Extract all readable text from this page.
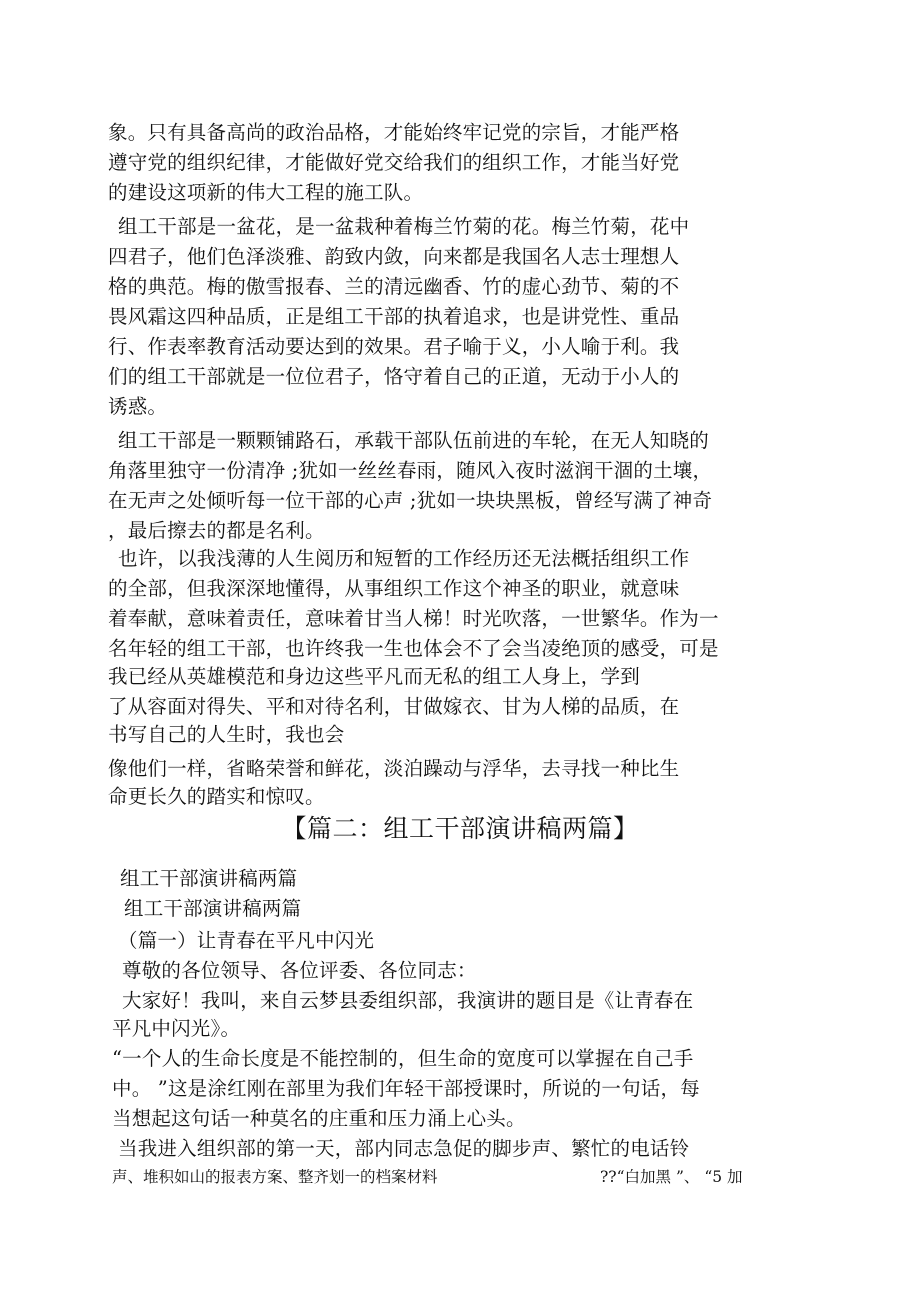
象。只有具备高尚的政治品格，才能始终牢记党的宗旨，才能严格
遵守党的组织纪律，才能做好党交给我们的组织工作，才能当好党
的建设这项新的伟大工程的施工队。
组工干部是一盆花，是一盆栽种着梅兰竹菊的花。梅兰竹菊，花中
四君子，他们色泽淡雅、韵致内敛，向来都是我国名人志士理想人
格的典范。梅的傲雪报春、兰的清远幽香、竹的虚心劲节、菊的不
畏风霜这四种品质，正是组工干部的执着追求，也是讲党性、重品
行、作表率教育活动要达到的效果。君子喻于义，小人喻于利。我
们的组工干部就是一位位君子，恪守着自己的正道，无动于小人的
诱惑。
组工干部是一颗颗铺路石，承载干部队伍前进的车轮，在无人知晓的
角落里独守一份清净 ;犹如一丝丝春雨，随风入夜时滋润干涸的土壤，
在无声之处倾听每一位干部的心声 ;犹如一块块黑板，曾经写满了神奇
，最后擦去的都是名利。
也许，以我浅薄的人生阅历和短暂的工作经历还无法概括组织工作
的全部，但我深深地懂得，从事组织工作这个神圣的职业，就意味
着奉献，意味着责任，意味着甘当人梯！时光吹落，一世繁华。作为一
名年轻的组工干部，也许终我一生也体会不了会当凌绝顶的感受，可是
我已经从英雄模范和身边这些平凡而无私的组工人身上，学到
了从容面对得失、平和对待名利，甘做嫁衣、甘为人梯的品质，在
书写自己的人生时，我也会
像他们一样，省略荣誉和鲜花，淡泊躁动与浮华，去寻找一种比生
命更长久的踏实和惊叹。
【篇二：组工干部演讲稿两篇】
组工干部演讲稿两篇
组工干部演讲稿两篇
（篇一）让青春在平凡中闪光
尊敬的各位领导、各位评委、各位同志：
大家好！我叫，来自云梦县委组织部，我演讲的题目是《让青春在
平凡中闪光》。
“一个人的生命长度是不能控制的，但生命的宽度可以掌握在自己手
中。 ”这是涂红刚在部里为我们年轻干部授课时，所说的一句话，每
当想起这句话一种莫名的庄重和压力涌上心头。
当我进入组织部的第一天，部内同志急促的脚步声、繁忙的电话铃
声、堆积如山的报表方案、整齐划一的档案材料	??“白加黑 ”、 “5 加
